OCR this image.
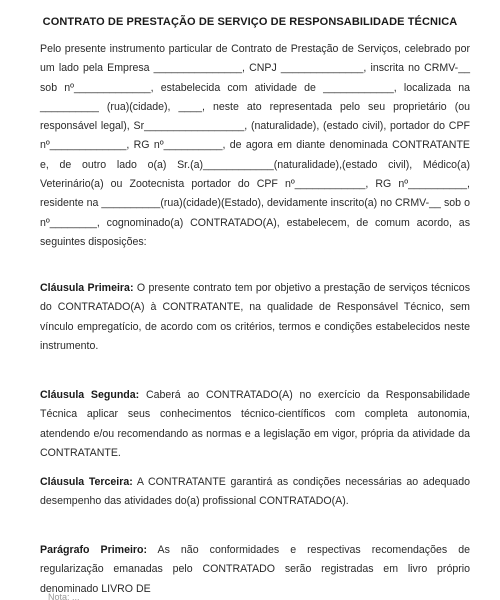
CONTRATO DE PRESTAÇÃO DE SERVIÇO DE RESPONSABILIDADE TÉCNICA
Pelo presente instrumento particular de Contrato de Prestação de Serviços, celebrado por um lado pela Empresa _______________, CNPJ ______________, inscrita no CRMV-__ sob nº_____________, estabelecida com atividade de ____________, localizada na __________ (rua)(cidade), ____, neste ato representada pelo seu proprietário (ou responsável legal), Sr_________________, (naturalidade), (estado civil), portador do CPF nº_____________, RG nº__________, de agora em diante denominada CONTRATANTE e, de outro lado o(a) Sr.(a)____________(naturalidade),(estado civil), Médico(a) Veterinário(a) ou Zootecnista portador do CPF nº____________, RG nº__________, residente na __________(rua)(cidade)(Estado), devidamente inscrito(a) no CRMV-__ sob o nº________, cognominado(a) CONTRATADO(A), estabelecem, de comum acordo, as seguintes disposições:
Cláusula Primeira: O presente contrato tem por objetivo a prestação de serviços técnicos do CONTRATADO(A) à CONTRATANTE, na qualidade de Responsável Técnico, sem vínculo empregatício, de acordo com os critérios, termos e condições estabelecidos neste instrumento.
Cláusula Segunda: Caberá ao CONTRATADO(A) no exercício da Responsabilidade Técnica aplicar seus conhecimentos técnico-científicos com completa autonomia, atendendo e/ou recomendando as normas e a legislação em vigor, própria da atividade da CONTRATANTE.
Cláusula Terceira: A CONTRATANTE garantirá as condições necessárias ao adequado desempenho das atividades do(a) profissional CONTRATADO(A).
Parágrafo Primeiro: As não conformidades e respectivas recomendações de regularização emanadas pelo CONTRATADO serão registradas em livro próprio denominado LIVRO DE
Nota: ...
